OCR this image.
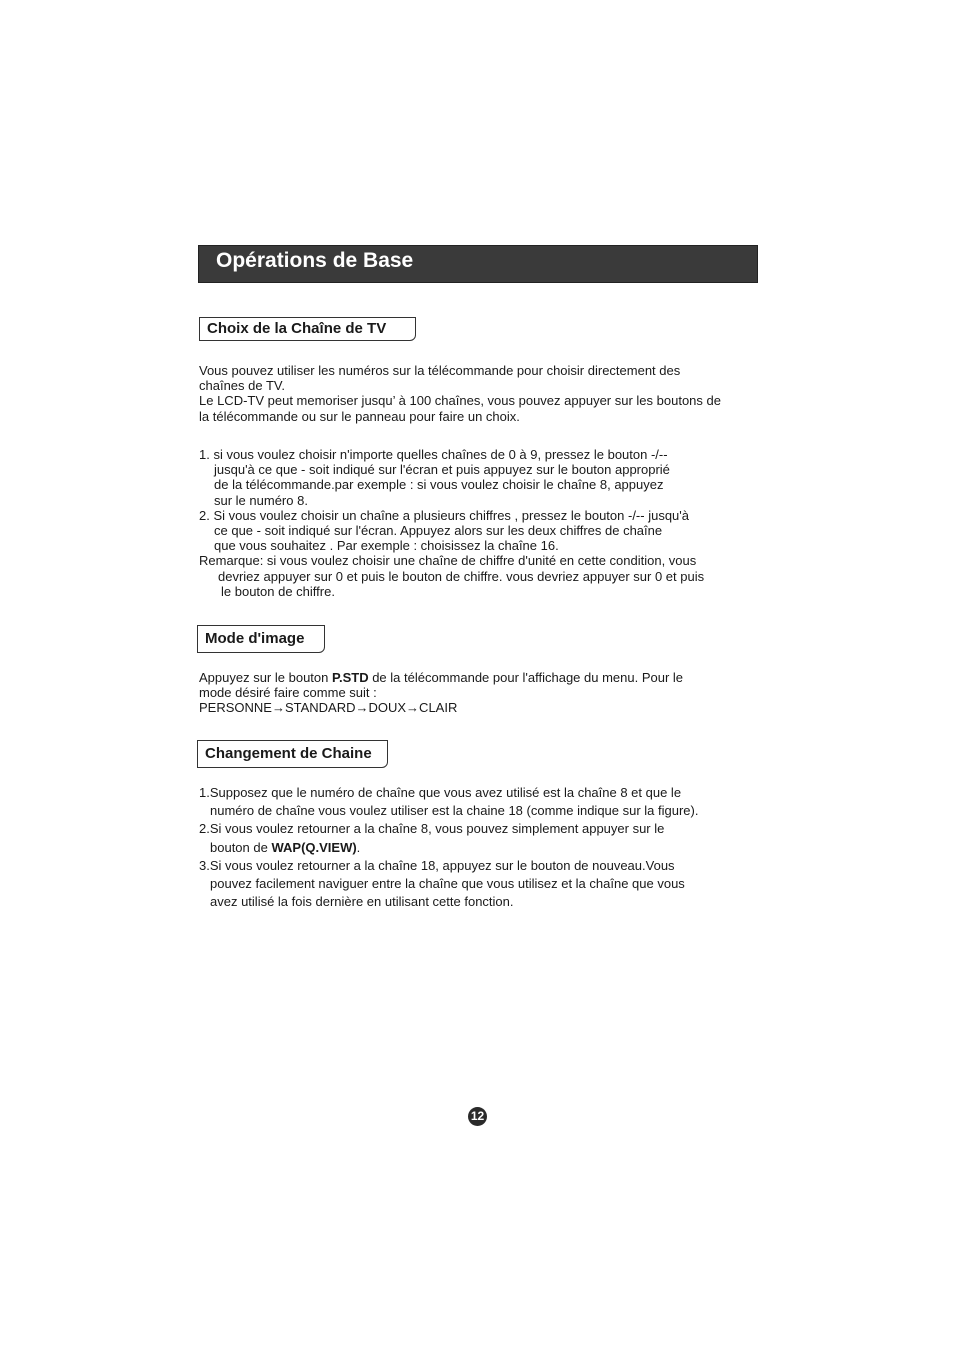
Opérations de Base
Choix de la Chaîne de TV
Vous pouvez utiliser les numéros sur la télécommande pour choisir directement des
chaînes de TV.
Le LCD-TV peut memoriser jusqu’ à 100 chaînes, vous pouvez appuyer sur les boutons de
la télécommande ou sur le panneau pour faire un choix.
1. si vous voulez choisir n'importe quelles chaînes de 0 à 9, pressez le bouton -/--
jusqu'à ce que - soit indiqué sur l'écran et puis appuyez sur le bouton approprié
de la télécommande.par exemple : si vous voulez choisir le chaîne 8, appuyez
sur le numéro 8.
2. Si vous voulez choisir un chaîne a plusieurs chiffres , pressez le bouton -/-- jusqu'à
ce que - soit indiqué sur l'écran. Appuyez alors sur les deux chiffres de chaîne
que vous souhaitez . Par exemple : choisissez la chaîne 16.
Remarque: si vous voulez choisir une chaîne de chiffre d'unité en cette condition, vous
devriez appuyer sur 0 et puis le bouton de chiffre. vous devriez appuyer sur 0 et puis
le bouton de chiffre.
Mode d'image
Appuyez sur le bouton P.STD de la télécommande pour l'affichage du menu. Pour le
mode désiré faire comme suit :
PERSONNE→STANDARD→DOUX→CLAIR
Changement de Chaine
1.Supposez que le numéro de chaîne que vous avez utilisé est la chaîne 8 et que le
numéro de chaîne vous voulez utiliser est la chaine 18 (comme indique sur la figure).
2.Si vous voulez retourner a la chaîne 8, vous pouvez simplement appuyer sur le
bouton de WAP(Q.VIEW).
3.Si vous voulez retourner a la chaîne 18, appuyez sur le bouton de nouveau.Vous
pouvez facilement naviguer entre la chaîne que vous utilisez et la chaîne que vous
avez utilisé la fois dernière en utilisant cette fonction.
12
